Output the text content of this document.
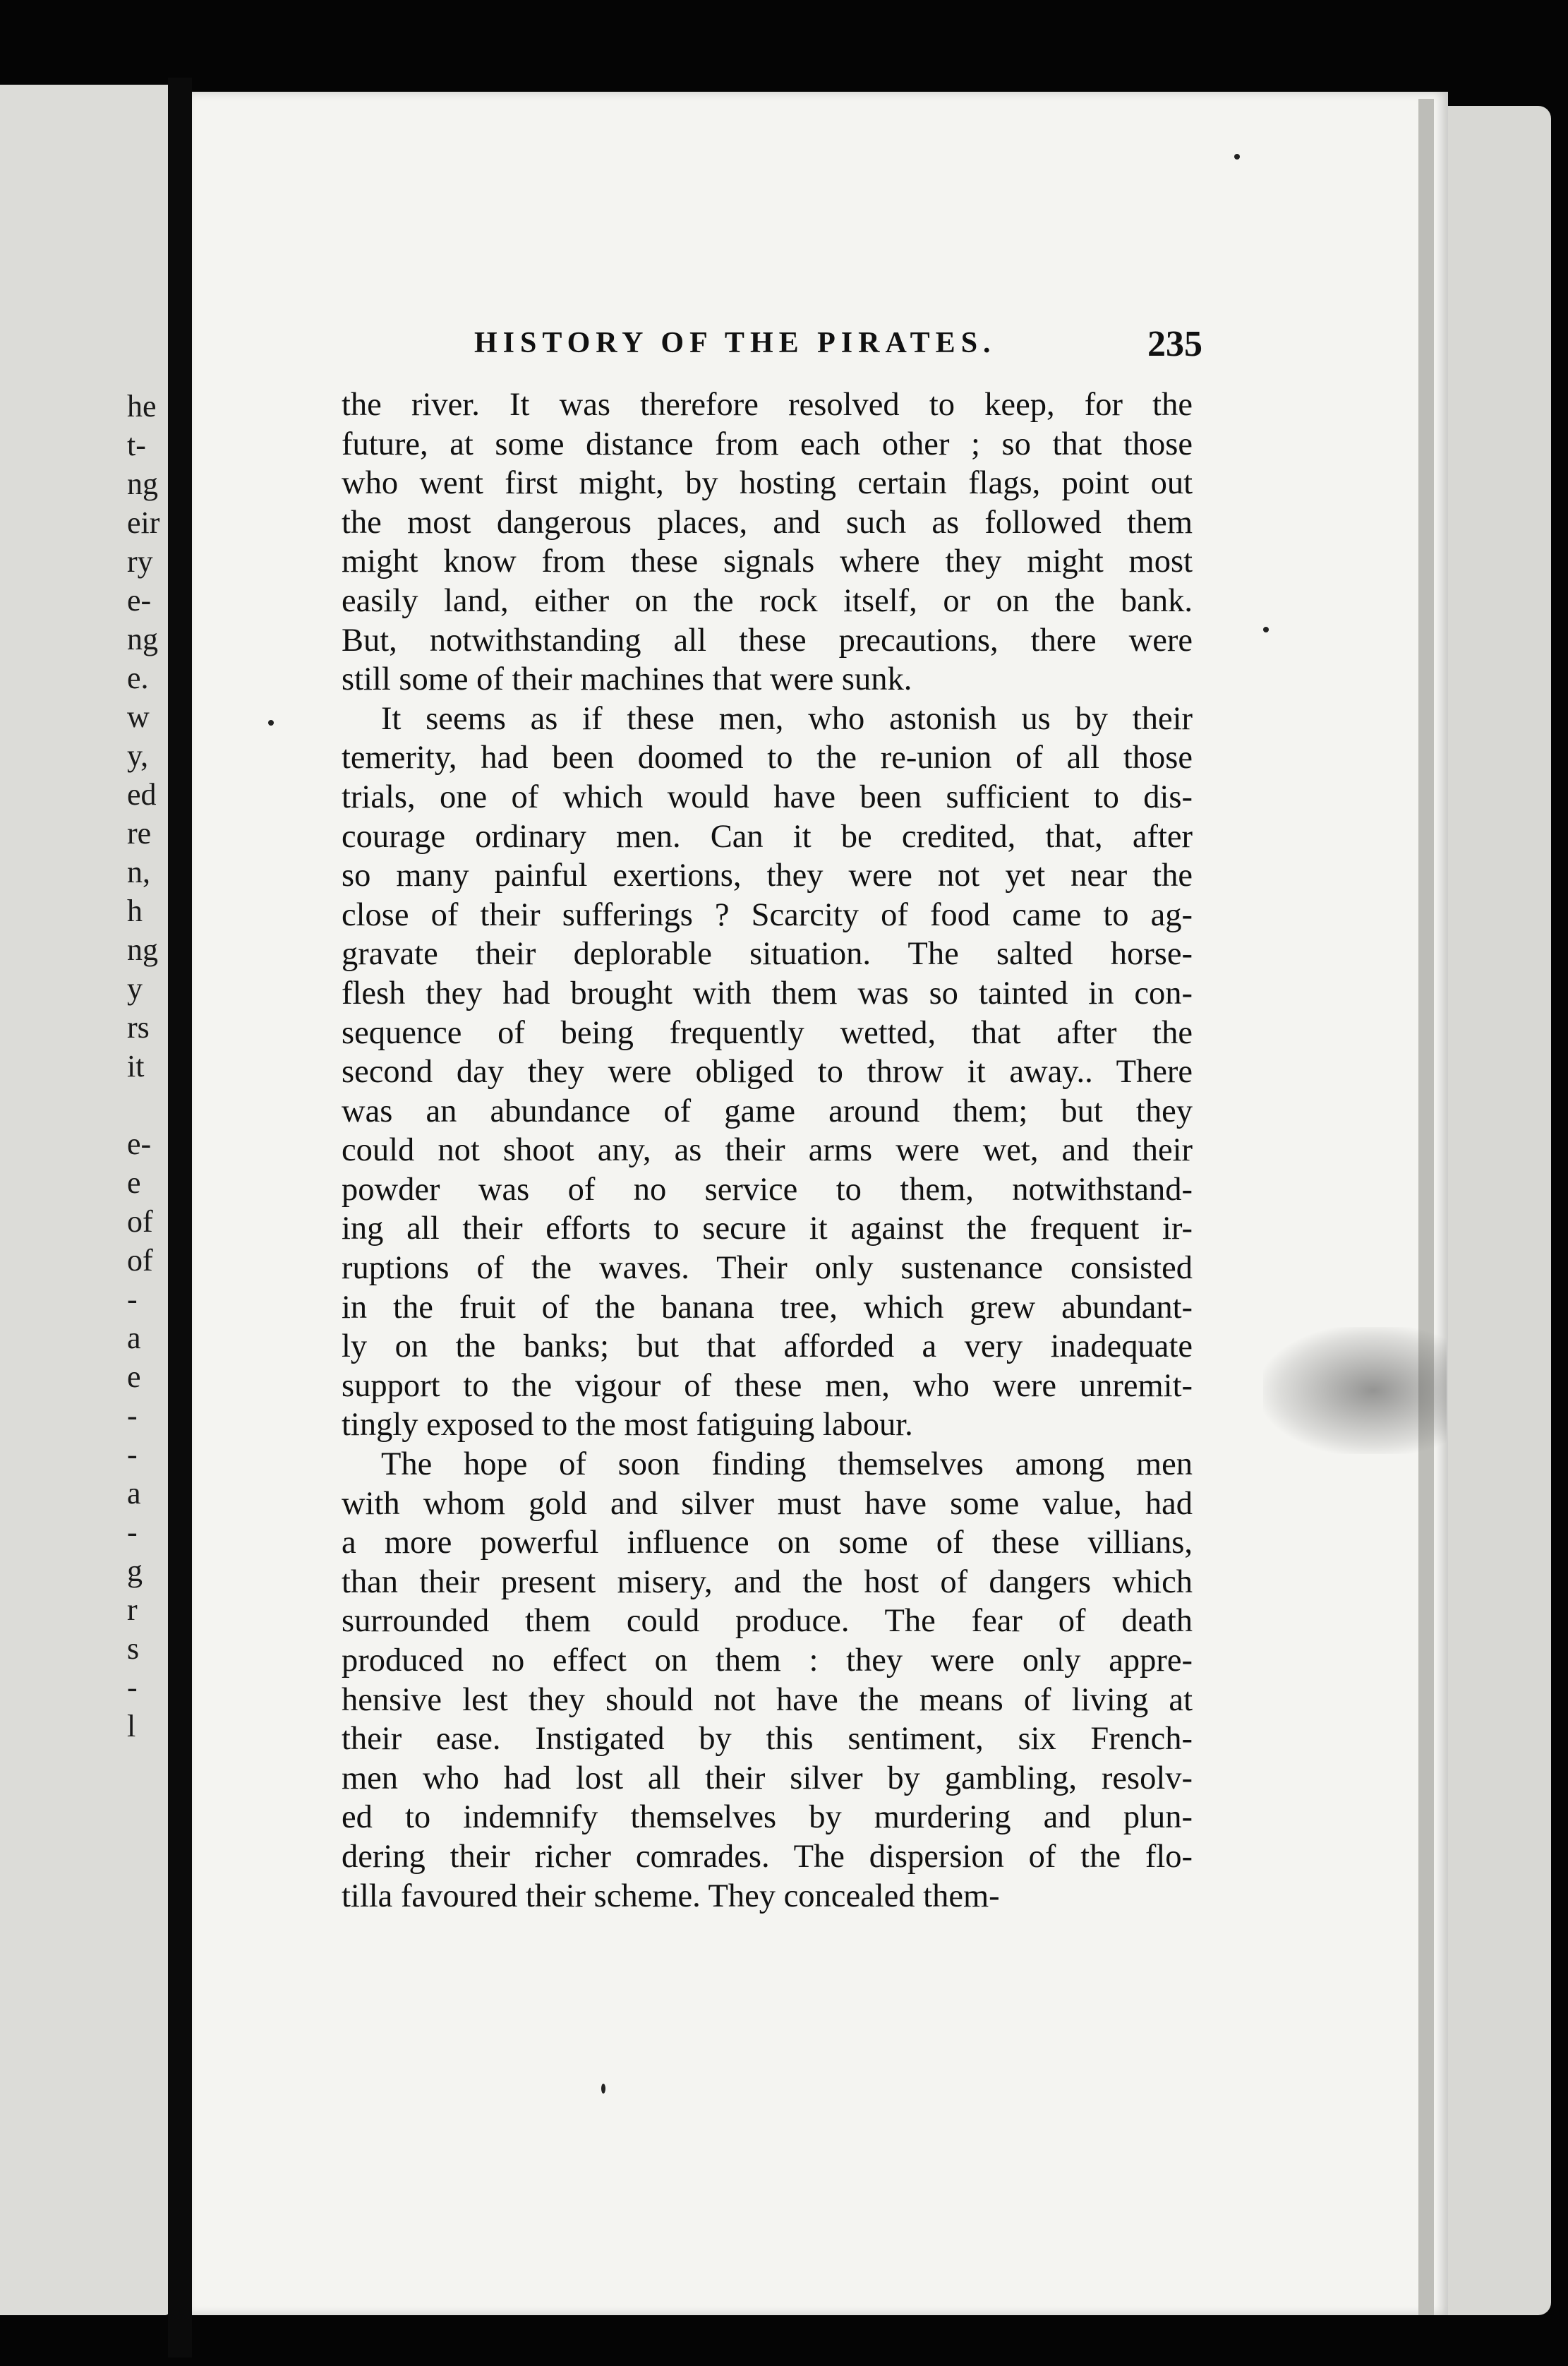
he
t-
ng
eir
ry
e-
ng
e.
w
y,
ed
re
n,
h
ng
y
rs
it
e-
e
of
of
-
a
e
-
-
a
-
g
r
s
-
l
HISTORY OF THE PIRATES.	235
the river. It was therefore resolved to keep, for the
future, at some distance from each other ; so that those
who went first might, by hosting certain flags, point out
the most dangerous places, and such as followed them
might know from these signals where they might most
easily land, either on the rock itself, or on the bank.
But, notwithstanding all these precautions, there were
still some of their machines that were sunk.
It seems as if these men, who astonish us by their
temerity, had been doomed to the re-union of all those
trials, one of which would have been sufficient to dis-
courage ordinary men. Can it be credited, that, after
so many painful exertions, they were not yet near the
close of their sufferings ? Scarcity of food came to ag-
gravate their deplorable situation. The salted horse-
flesh they had brought with them was so tainted in con-
sequence of being frequently wetted, that after the
second day they were obliged to throw it away.. There
was an abundance of game around them; but they
could not shoot any, as their arms were wet, and their
powder was of no service to them, notwithstand-
ing all their efforts to secure it against the frequent ir-
ruptions of the waves. Their only sustenance consisted
in the fruit of the banana tree, which grew abundant-
ly on the banks; but that afforded a very inadequate
support to the vigour of these men, who were unremit-
tingly exposed to the most fatiguing labour.
The hope of soon finding themselves among men
with whom gold and silver must have some value, had
a more powerful influence on some of these villians,
than their present misery, and the host of dangers which
surrounded them could produce. The fear of death
produced no effect on them : they were only appre-
hensive lest they should not have the means of living at
their ease. Instigated by this sentiment, six French-
men who had lost all their silver by gambling, resolv-
ed to indemnify themselves by murdering and plun-
dering their richer comrades. The dispersion of the flo-
tilla favoured their scheme. They concealed them-
